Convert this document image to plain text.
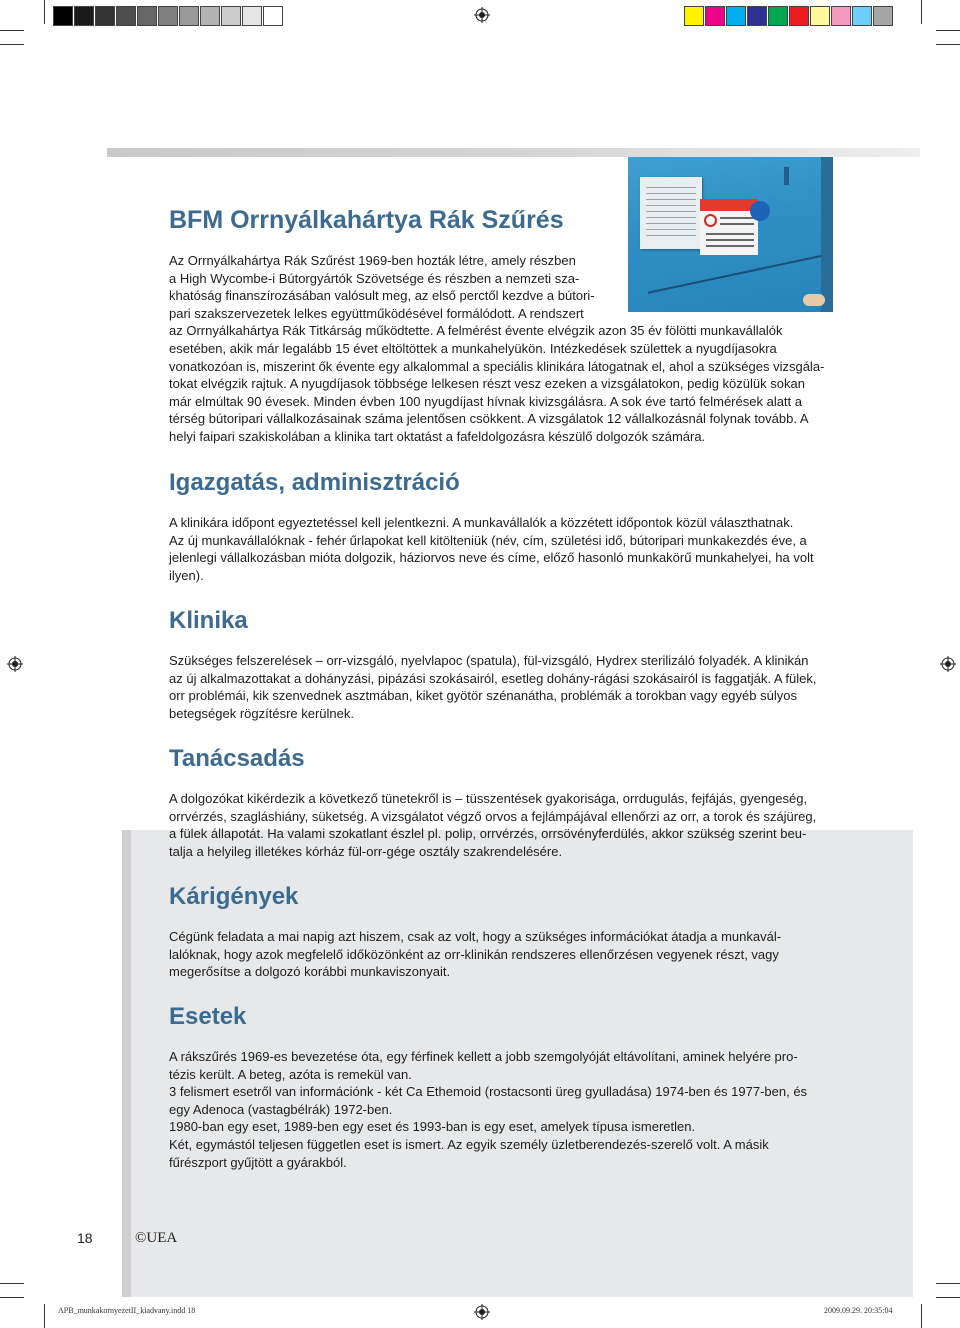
BFM Orrnyálkahártya Rák Szűrés
Az Orrnyálkahártya Rák Szűrést 1969-ben hozták létre, amely részben
a High Wycombe-i Bútorgyártók Szövetsége és részben a nemzeti sza-
khatóság finanszírozásában valósult meg, az első perctől kezdve a bútori-
pari szakszervezetek lelkes együttműködésével formálódott. A rendszert
az Orrnyálkahártya Rák Titkárság működtette. A felmérést évente elvégzik azon 35 év fölötti munkavállalók
esetében, akik már legalább 15 évet eltöltöttek a munkahelyükön. Intézkedések születtek a nyugdíjasokra
vonatkozóan is, miszerint ők évente egy alkalommal a speciális klinikára látogatnak el, ahol a szükséges vizsgála-
tokat elvégzik rajtuk. A nyugdíjasok többsége lelkesen részt vesz ezeken a vizsgálatokon, pedig közülük sokan
már elmúltak 90 évesek. Minden évben 100 nyugdíjast hívnak kivizsgálásra. A sok éve tartó felmérések alatt a
térség bútoripari vállalkozásainak száma jelentősen csökkent. A vizsgálatok 12 vállalkozásnál folynak tovább. A
helyi faipari szakiskolában a klinika tart oktatást a fafeldolgozásra készülő dolgozók számára.
Igazgatás, adminisztráció
A klinikára időpont egyeztetéssel kell jelentkezni. A munkavállalók a közzétett időpontok közül választhatnak.
Az új munkavállalóknak - fehér űrlapokat kell kitölteniük (név, cím, születési idő, bútoripari munkakezdés éve, a
jelenlegi vállalkozásban mióta dolgozik, háziorvos neve és címe, előző hasonló munkakörű munkahelyei, ha volt
ilyen).
Klinika
Szükséges felszerelések – orr-vizsgáló, nyelvlapoc (spatula), fül-vizsgáló, Hydrex sterilizáló folyadék. A klinikán
az új alkalmazottakat a dohányzási, pipázási szokásairól, esetleg dohány-rágási szokásairól is faggatják. A fülek,
orr problémái, kik szenvednek asztmában, kiket gyötör szénanátha, problémák a torokban vagy egyéb súlyos
betegségek rögzítésre kerülnek.
Tanácsadás
A dolgozókat kikérdezik a következő tünetekről is – tüsszentések gyakorisága, orrdugulás, fejfájás, gyengeség,
orrvérzés, szagláshiány, süketség. A vizsgálatot végző orvos a fejlámpájával ellenőrzi az orr, a torok és szájüreg,
a fülek állapotát. Ha valami szokatlant észlel pl. polip, orrvérzés, orrsövényferdülés, akkor szükség szerint beu-
talja a helyileg illetékes kórház fül-orr-gége osztály szakrendelésére.
Kárigények
Cégünk feladata a mai napig azt hiszem, csak az volt, hogy a szükséges információkat átadja a munkavál-
lalóknak, hogy azok megfelelő időközönként az orr-klinikán rendszeres ellenőrzésen vegyenek részt, vagy
megerősítse a dolgozó korábbi munkaviszonyait.
Esetek
A rákszűrés 1969-es bevezetése óta, egy férfinek kellett a jobb szemgolyóját eltávolítani, aminek helyére pro-
tézis került. A beteg, azóta is remekül van.
3 felismert esetről van információnk - két Ca Ethemoid (rostacsonti üreg gyulladása) 1974-ben és 1977-ben, és
egy Adenoca (vastagbélrák) 1972-ben.
1980-ban egy eset, 1989-ben egy eset és 1993-ban is egy eset, amelyek típusa ismeretlen.
Két, egymástól teljesen független eset is ismert. Az egyik személy üzletberendezés-szerelő volt. A másik
fűrészport gyűjtött a gyárakból.
18	©UEA
APB_munkakornyezetII_kiadvany.indd 18	2009.09.29. 20:35:04
